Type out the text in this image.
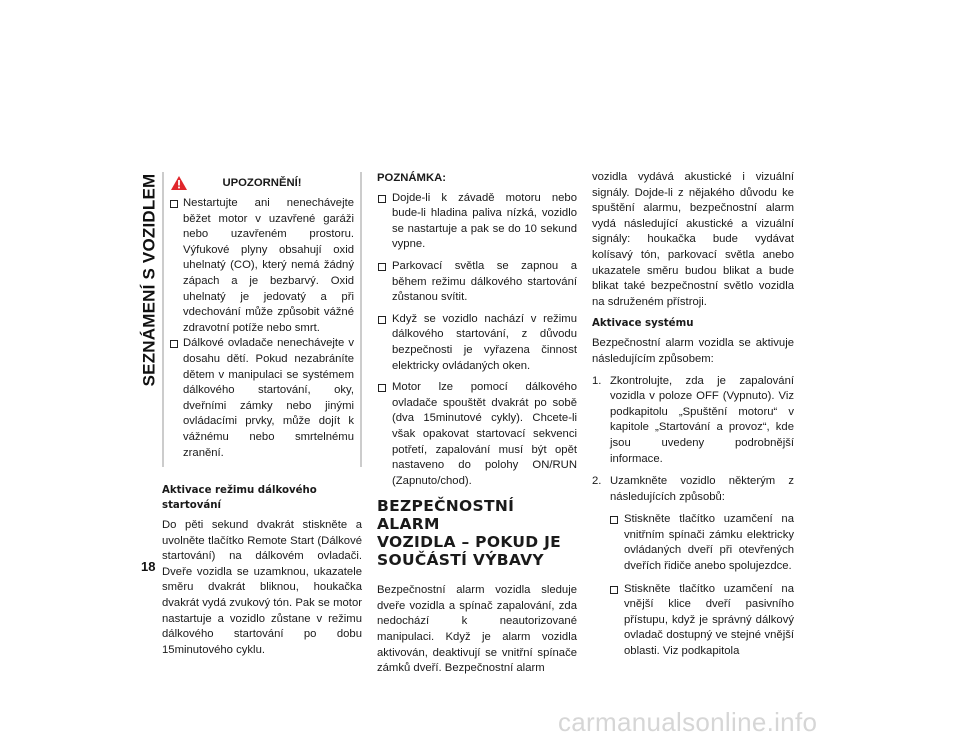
SEZNÁMENÍ S VOZIDLEM
18
UPOZORNĚNÍ!
Nestartujte ani nenechávejte běžet motor v uzavřené garáži nebo uzavřeném prostoru. Výfukové plyny obsahují oxid uhelnatý (CO), který nemá žádný zápach a je bezbarvý. Oxid uhelnatý je jedovatý a při vdechování může způsobit vážné zdravotní potíže nebo smrt.
Dálkové ovladače nenechávejte v dosahu dětí. Pokud nezabráníte dětem v manipulaci se systémem dálkového startování, oky, dveřními zámky nebo jinými ovládacími prvky, může dojít k vážnému nebo smrtelnému zranění.
Aktivace režimu dálkového startování

Do pěti sekund dvakrát stiskněte a uvolněte tlačítko Remote Start (Dálkové startování) na dálkovém ovladači. Dveře vozidla se uzamknou, ukazatele směru dvakrát bliknou, houkačka dvakrát vydá zvukový tón. Pak se motor nastartuje a vozidlo zůstane v režimu dálkového startování po dobu 15minutového cyklu.

POZNÁMKA:
Dojde-li k závadě motoru nebo bude-li hladina paliva nízká, vozidlo se nastartuje a pak se do 10 sekund vypne.
Parkovací světla se zapnou a během režimu dálkového startování zůstanou svítit.
Když se vozidlo nachází v režimu dálkového startování, z důvodu bezpečnosti je vyřazena činnost elektricky ovládaných oken.
Motor lze pomocí dálkového ovladače spouštět dvakrát po sobě (dva 15minutové cykly). Chcete-li však opakovat startovací sekvenci potřetí, zapalování musí být opět nastaveno do polohy ON/RUN (Zapnuto/chod).
BEZPEČNOSTNÍ ALARM
VOZIDLA – POKUD JE
SOUČÁSTÍ VÝBAVY

Bezpečnostní alarm vozidla sleduje dveře vozidla a spínač zapalování, zda nedochází k neautorizované manipulaci. Když je alarm vozidla aktivován, deaktivují se vnitřní spínače zámků dveří. Bezpečnostní alarm

vozidla vydává akustické i vizuální signály. Dojde-li z nějakého důvodu ke spuštění alarmu, bezpečnostní alarm vydá následující akustické a vizuální signály: houkačka bude vydávat kolísavý tón, parkovací světla anebo ukazatele směru budou blikat a bude blikat také bezpečnostní světlo vozidla na sdruženém přístroji.

Aktivace systému

Bezpečnostní alarm vozidla se aktivuje následujícím způsobem:

1. Zkontrolujte, zda je zapalování vozidla v poloze OFF (Vypnuto). Viz podkapitolu „Spuštění motoru“ v kapitole „Startování a provoz“, kde jsou uvedeny podrobnější informace.
2. Uzamkněte vozidlo některým z následujících způsobů:
Stiskněte tlačítko uzamčení na vnitřním spínači zámku elektricky ovládaných dveří při otevřených dveřích řidiče anebo spolujezdce.
Stiskněte tlačítko uzamčení na vnější klice dveří pasivního přístupu, když je správný dálkový ovladač dostupný ve stejné vnější oblasti. Viz podkapitola
carmanualsonline.info
